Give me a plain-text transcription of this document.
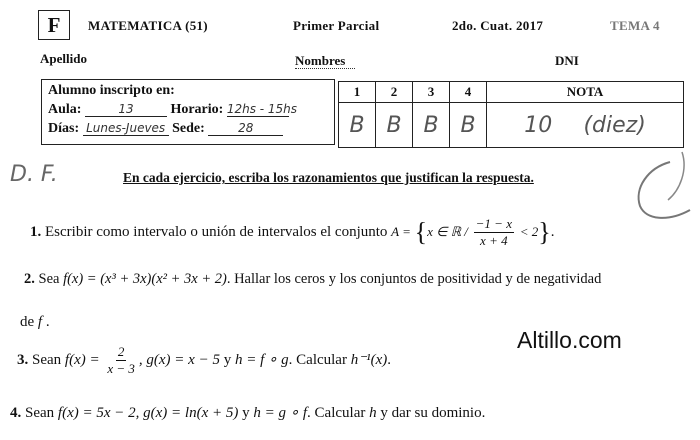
F	MATEMATICA (51)	Primer Parcial	2do. Cuat. 2017	TEMA 4
Apellido	Nombres	DNI
Alumno inscripto en:
Aula:	13	Horario: 12hs - 15hs
Días: Lunes-Jueves Sede:	28
1	2	3	4	NOTA
B	B	B	B	10 (diez)
D. F.	En cada ejercicio, escriba los razonamientos que justifican la respuesta.
1. Escribir como intervalo o unión de intervalos el conjunto A = {x ∈ ℝ / $\frac{-1 - x}{x + 4} < 2$}.
2. Sea f(x) = (x³ + 3x)(x² + 3x + 2). Hallar los ceros y los conjuntos de positividad y de negatividad
de f .
3. Sean $f(x) = \frac{2}{x - 3}$ , g(x) = x − 5 y h = f ∘ g. Calcular h⁻¹(x).
4. Sean f(x) = 5x − 2, g(x) = ln(x + 5) y h = g ∘ f. Calcular h y dar su dominio.
Altillo.com
